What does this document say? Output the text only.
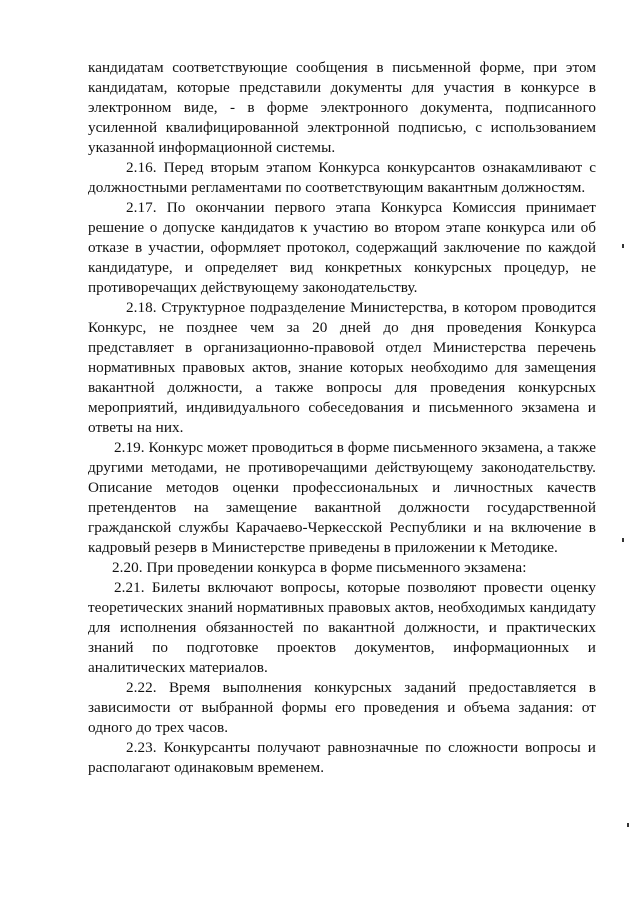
кандидатам соответствующие сообщения в письменной форме, при этом кандидатам, которые представили документы для участия в конкурсе в электронном виде, - в форме электронного документа, подписанного усиленной квалифицированной электронной подписью, с использованием указанной информационной системы.

2.16. Перед вторым этапом Конкурса конкурсантов ознакамливают с должностными регламентами по соответствующим вакантным должностям.

2.17. По окончании первого этапа Конкурса Комиссия принимает решение о допуске кандидатов к участию во втором этапе конкурса или об отказе в участии, оформляет протокол, содержащий заключение по каждой кандидатуре, и определяет вид конкретных конкурсных процедур, не противоречащих действующему законодательству.

2.18. Структурное подразделение Министерства, в котором проводится Конкурс, не позднее чем за 20 дней до дня проведения Конкурса представляет в организационно-правовой отдел Министерства перечень нормативных правовых актов, знание которых необходимо для замещения вакантной должности, а также вопросы для проведения конкурсных мероприятий, индивидуального собеседования и письменного экзамена и ответы на них.

2.19. Конкурс может проводиться в форме письменного экзамена, а также другими методами, не противоречащими действующему законодательству. Описание методов оценки профессиональных и личностных качеств претендентов на замещение вакантной должности государственной гражданской службы Карачаево-Черкесской Республики и на включение в кадровый резерв в Министерстве приведены в приложении к Методике.

2.20. При проведении конкурса в форме письменного экзамена:

2.21. Билеты включают вопросы, которые позволяют провести оценку теоретических знаний нормативных правовых актов, необходимых кандидату для исполнения обязанностей по вакантной должности, и практических знаний по подготовке проектов документов, информационных и аналитических материалов.

2.22. Время выполнения конкурсных заданий предоставляется в зависимости от выбранной формы его проведения и объема задания: от одного до трех часов.

2.23. Конкурсанты получают равнозначные по сложности вопросы и располагают одинаковым временем.
